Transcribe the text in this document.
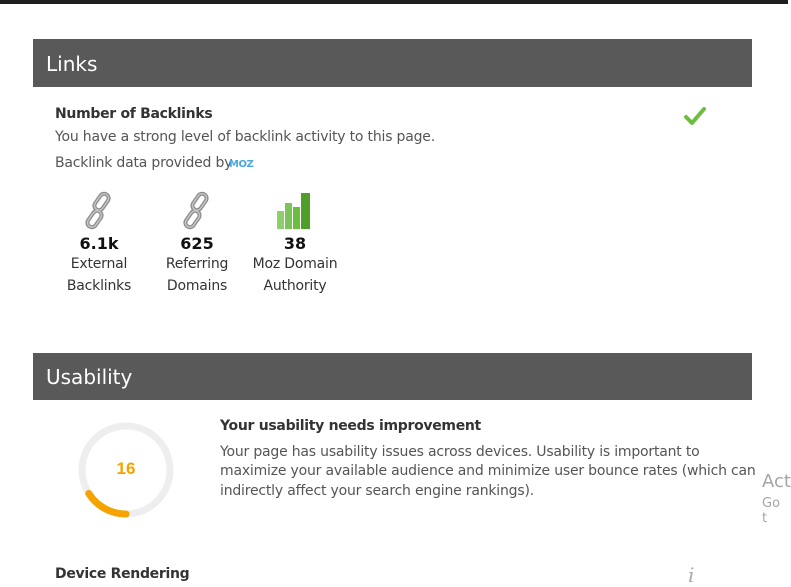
Links
Number of Backlinks
You have a strong level of backlink activity to this page.
Backlink data provided by
MOZ
6.1k
External
Backlinks
625
Referring
Domains
38
Moz Domain
Authority
Usability
16
Your usability needs improvement
Your page has usability issues across devices. Usability is important to
maximize your available audience and minimize user bounce rates (which can
indirectly affect your search engine rankings).
Device Rendering	i
Act
Go t
